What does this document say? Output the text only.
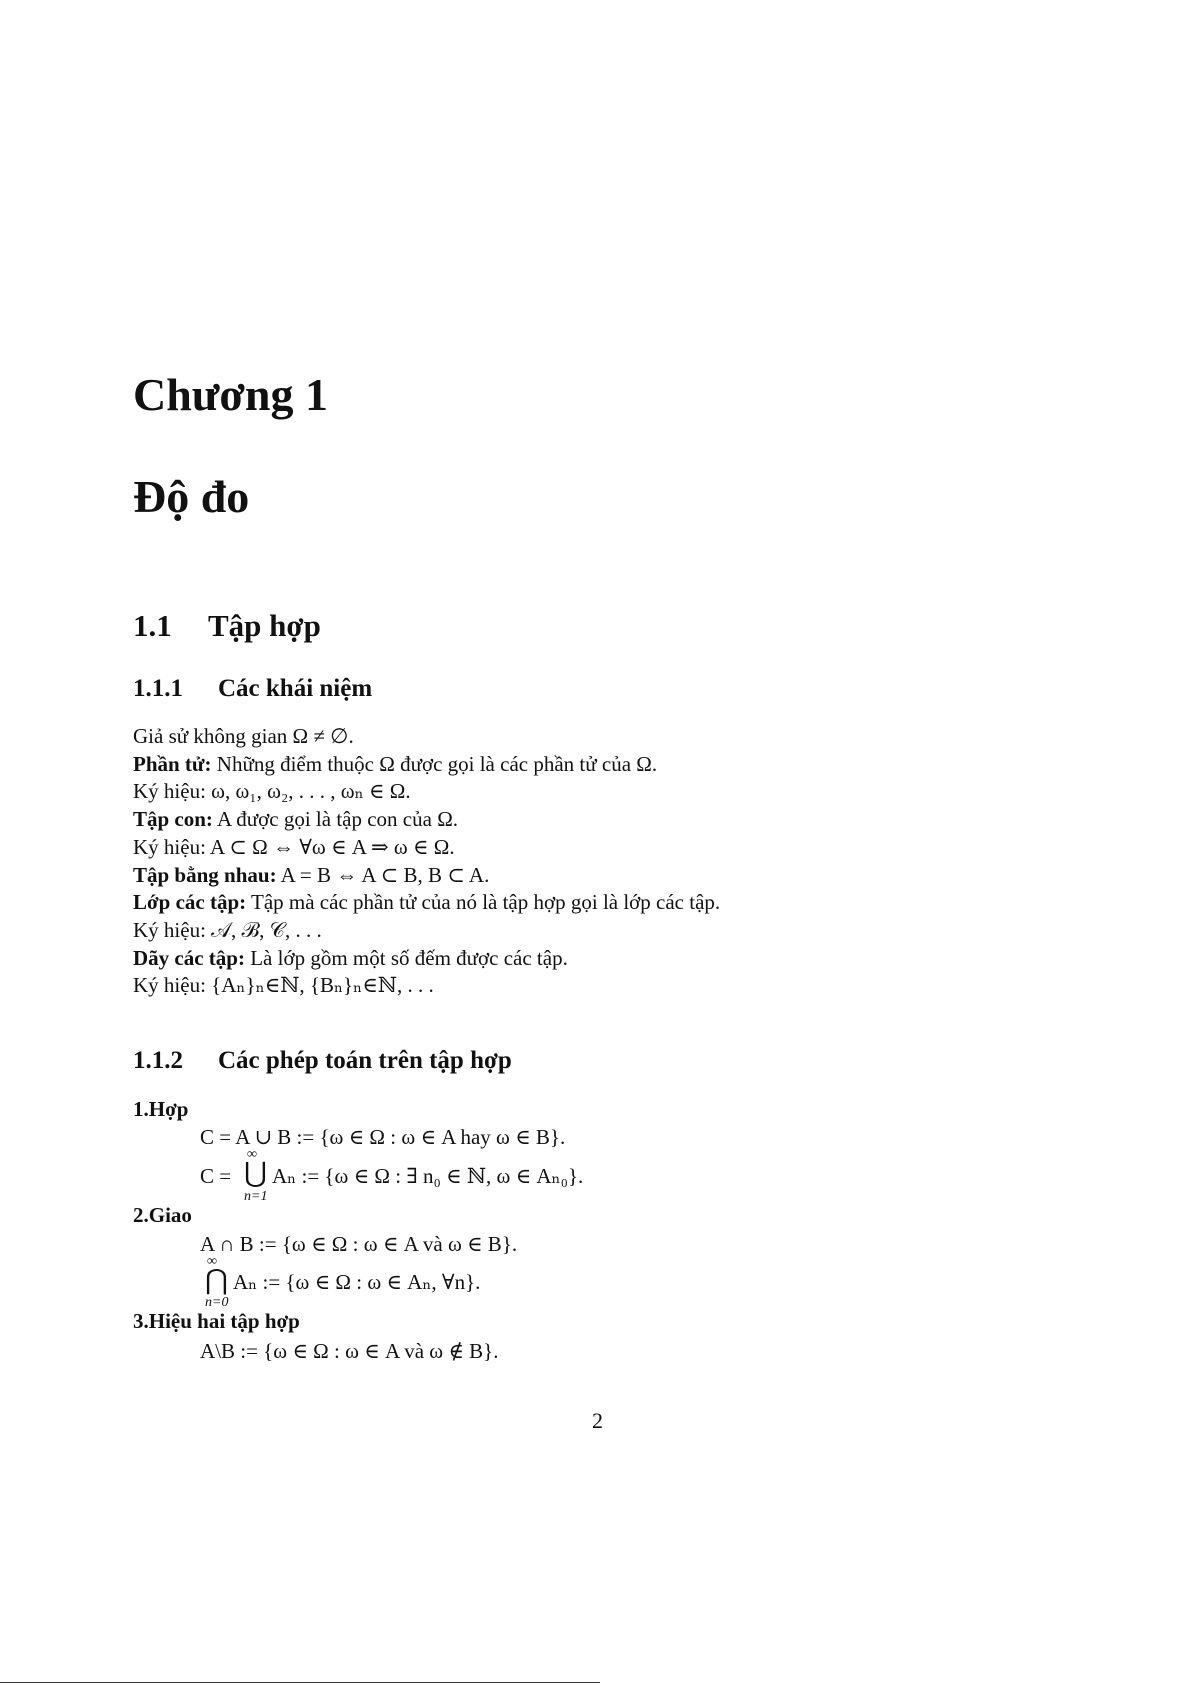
Chương 1
Độ đo
1.1 Tập hợp
1.1.1 Các khái niệm
Giả sử không gian Ω ≠ ∅.
Phần tử: Những điểm thuộc Ω được gọi là các phần tử của Ω.
Ký hiệu: ω, ω₁, ω₂, . . . , ωₙ ∈ Ω.
Tập con: A được gọi là tập con của Ω.
Ký hiệu: A ⊂ Ω ⇔ ∀ω ∈ A ⇒ ω ∈ Ω.
Tập bằng nhau: A = B ⇔ A ⊂ B, B ⊂ A.
Lớp các tập: Tập mà các phần tử của nó là tập hợp gọi là lớp các tập.
Ký hiệu: 𝒜, ℬ, 𝒞, . . .
Dãy các tập: Là lớp gồm một số đếm được các tập.
Ký hiệu: {Aₙ}ₙ∈ℕ, {Bₙ}ₙ∈ℕ, . . .
1.1.2 Các phép toán trên tập hợp
1.Hợp
C = A ∪ B := {ω ∈ Ω : ω ∈ A hay ω ∈ B}.
C =
∞
⋃
n=1
Aₙ := {ω ∈ Ω : ∃ n₀ ∈ ℕ, ω ∈ Aₙ₀}.
2.Giao
A ∩ B := {ω ∈ Ω : ω ∈ A và ω ∈ B}.
∞
⋂
n=0
Aₙ := {ω ∈ Ω : ω ∈ Aₙ, ∀n}.
3.Hiệu hai tập hợp
A\B := {ω ∈ Ω : ω ∈ A và ω ∉ B}.
2
